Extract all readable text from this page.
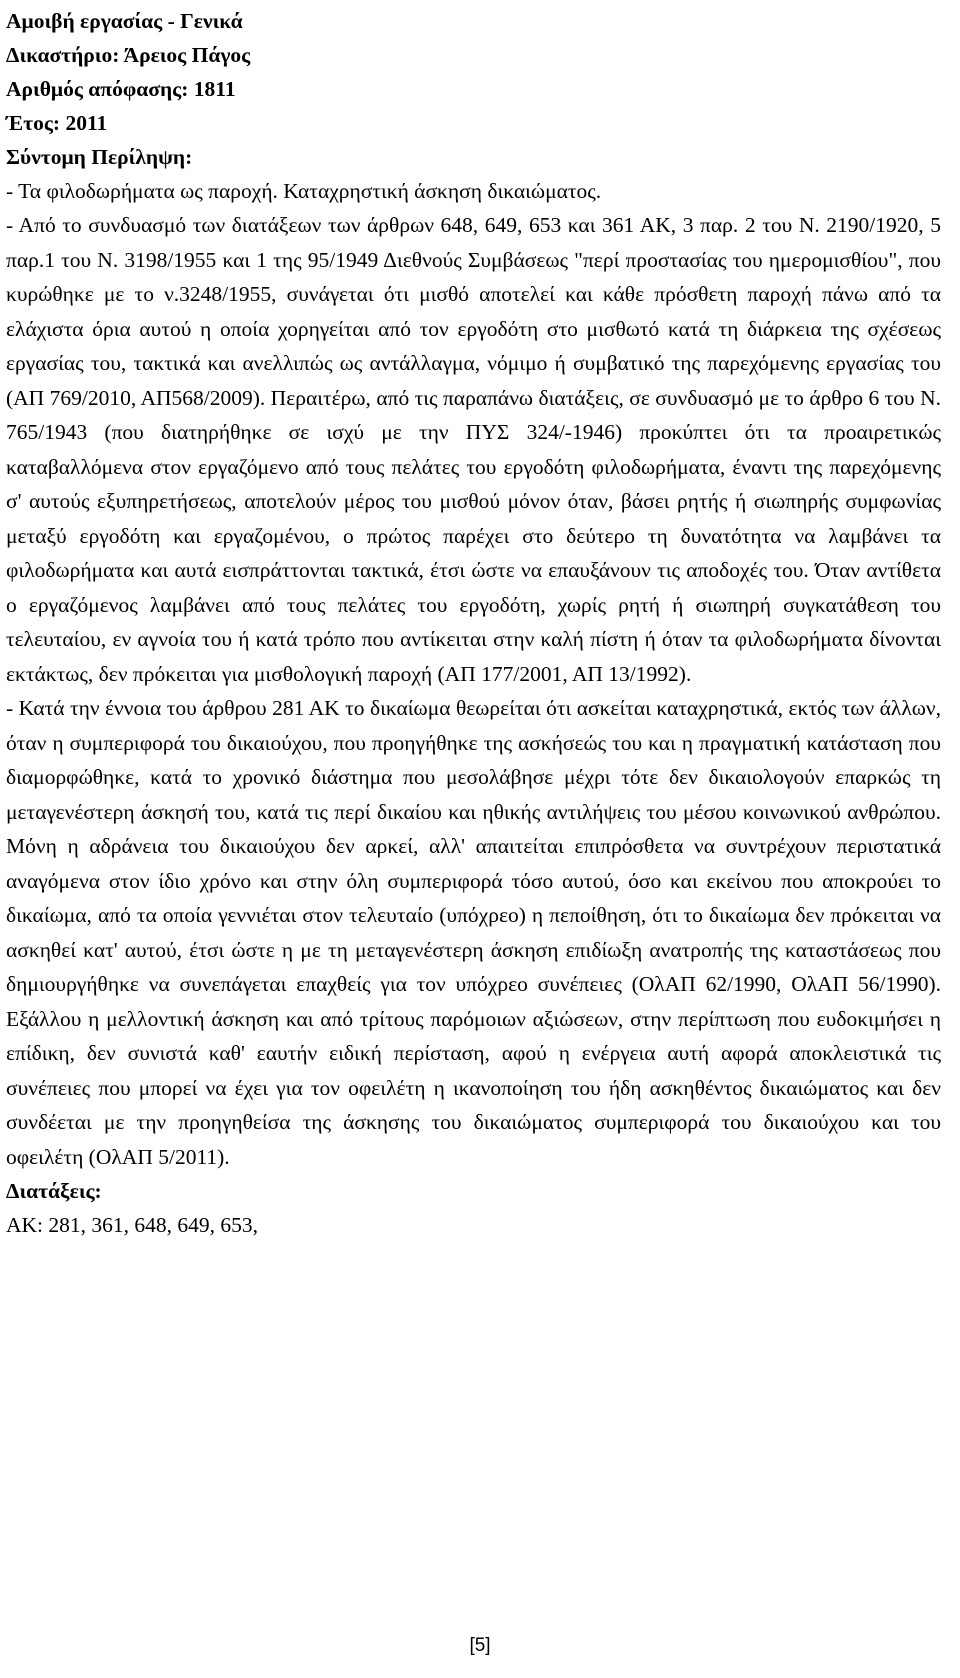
Αμοιβή εργασίας - Γενικά
Δικαστήριο: Άρειος Πάγος
Αριθμός απόφασης: 1811
Έτος: 2011
Σύντομη Περίληψη:
- Τα φιλοδωρήματα ως παροχή. Καταχρηστική άσκηση δικαιώματος.

- Από το συνδυασμό των διατάξεων των άρθρων 648, 649, 653 και 361 ΑΚ, 3 παρ. 2 του Ν. 2190/1920, 5 παρ.1 του Ν. 3198/1955 και 1 της 95/1949 Διεθνούς Συμβάσεως "περί προστασίας του ημερομισθίου", που κυρώθηκε με το ν.3248/1955, συνάγεται ότι μισθό αποτελεί και κάθε πρόσθετη παροχή πάνω από τα ελάχιστα όρια αυτού η οποία χορηγείται από τον εργοδότη στο μισθωτό κατά τη διάρκεια της σχέσεως εργασίας του, τακτικά και ανελλιπώς ως αντάλλαγμα, νόμιμο ή συμβατικό της παρεχόμενης εργασίας του (ΑΠ 769/2010, ΑΠ568/2009). Περαιτέρω, από τις παραπάνω διατάξεις, σε συνδυασμό με το άρθρο 6 του Ν. 765/1943 (που διατηρήθηκε σε ισχύ με την ΠΥΣ 324/-1946) προκύπτει ότι τα προαιρετικώς καταβαλλόμενα στον εργαζόμενο από τους πελάτες του εργοδότη φιλοδωρήματα, έναντι της παρεχόμενης σ' αυτούς εξυπηρετήσεως, αποτελούν μέρος του μισθού μόνον όταν, βάσει ρητής ή σιωπηρής συμφωνίας μεταξύ εργοδότη και εργαζομένου, ο πρώτος παρέχει στο δεύτερο τη δυνατότητα να λαμβάνει τα φιλοδωρήματα και αυτά εισπράττονται τακτικά, έτσι ώστε να επαυξάνουν τις αποδοχές του. Όταν αντίθετα ο εργαζόμενος λαμβάνει από τους πελάτες του εργοδότη, χωρίς ρητή ή σιωπηρή συγκατάθεση του τελευταίου, εν αγνοία του ή κατά τρόπο που αντίκειται στην καλή πίστη ή όταν τα φιλοδωρήματα δίνονται εκτάκτως, δεν πρόκειται για μισθολογική παροχή (ΑΠ 177/2001, ΑΠ 13/1992).

- Κατά την έννοια του άρθρου 281 ΑΚ το δικαίωμα θεωρείται ότι ασκείται καταχρηστικά, εκτός των άλλων, όταν η συμπεριφορά του δικαιούχου, που προηγήθηκε της ασκήσεώς του και η πραγματική κατάσταση που διαμορφώθηκε, κατά το χρονικό διάστημα που μεσολάβησε μέχρι τότε δεν δικαιολογούν επαρκώς τη μεταγενέστερη άσκησή του, κατά τις περί δικαίου και ηθικής αντιλήψεις του μέσου κοινωνικού ανθρώπου. Μόνη η αδράνεια του δικαιούχου δεν αρκεί, αλλ' απαιτείται επιπρόσθετα να συντρέχουν περιστατικά αναγόμενα στον ίδιο χρόνο και στην όλη συμπεριφορά τόσο αυτού, όσο και εκείνου που αποκρούει το δικαίωμα, από τα οποία γεννιέται στον τελευταίο (υπόχρεο) η πεποίθηση, ότι το δικαίωμα δεν πρόκειται να ασκηθεί κατ' αυτού, έτσι ώστε η με τη μεταγενέστερη άσκηση επιδίωξη ανατροπής της καταστάσεως που δημιουργήθηκε να συνεπάγεται επαχθείς για τον υπόχρεο συνέπειες (ΟλΑΠ 62/1990, ΟλΑΠ 56/1990). Εξάλλου η μελλοντική άσκηση και από τρίτους παρόμοιων αξιώσεων, στην περίπτωση που ευδοκιμήσει η επίδικη, δεν συνιστά καθ' εαυτήν ειδική περίσταση, αφού η ενέργεια αυτή αφορά αποκλειστικά τις συνέπειες που μπορεί να έχει για τον οφειλέτη η ικανοποίηση του ήδη ασκηθέντος δικαιώματος και δεν συνδέεται με την προηγηθείσα της άσκησης του δικαιώματος συμπεριφορά του δικαιούχου και του οφειλέτη (ΟλΑΠ 5/2011).

Διατάξεις:
ΑΚ: 281, 361, 648, 649, 653,
[5]
